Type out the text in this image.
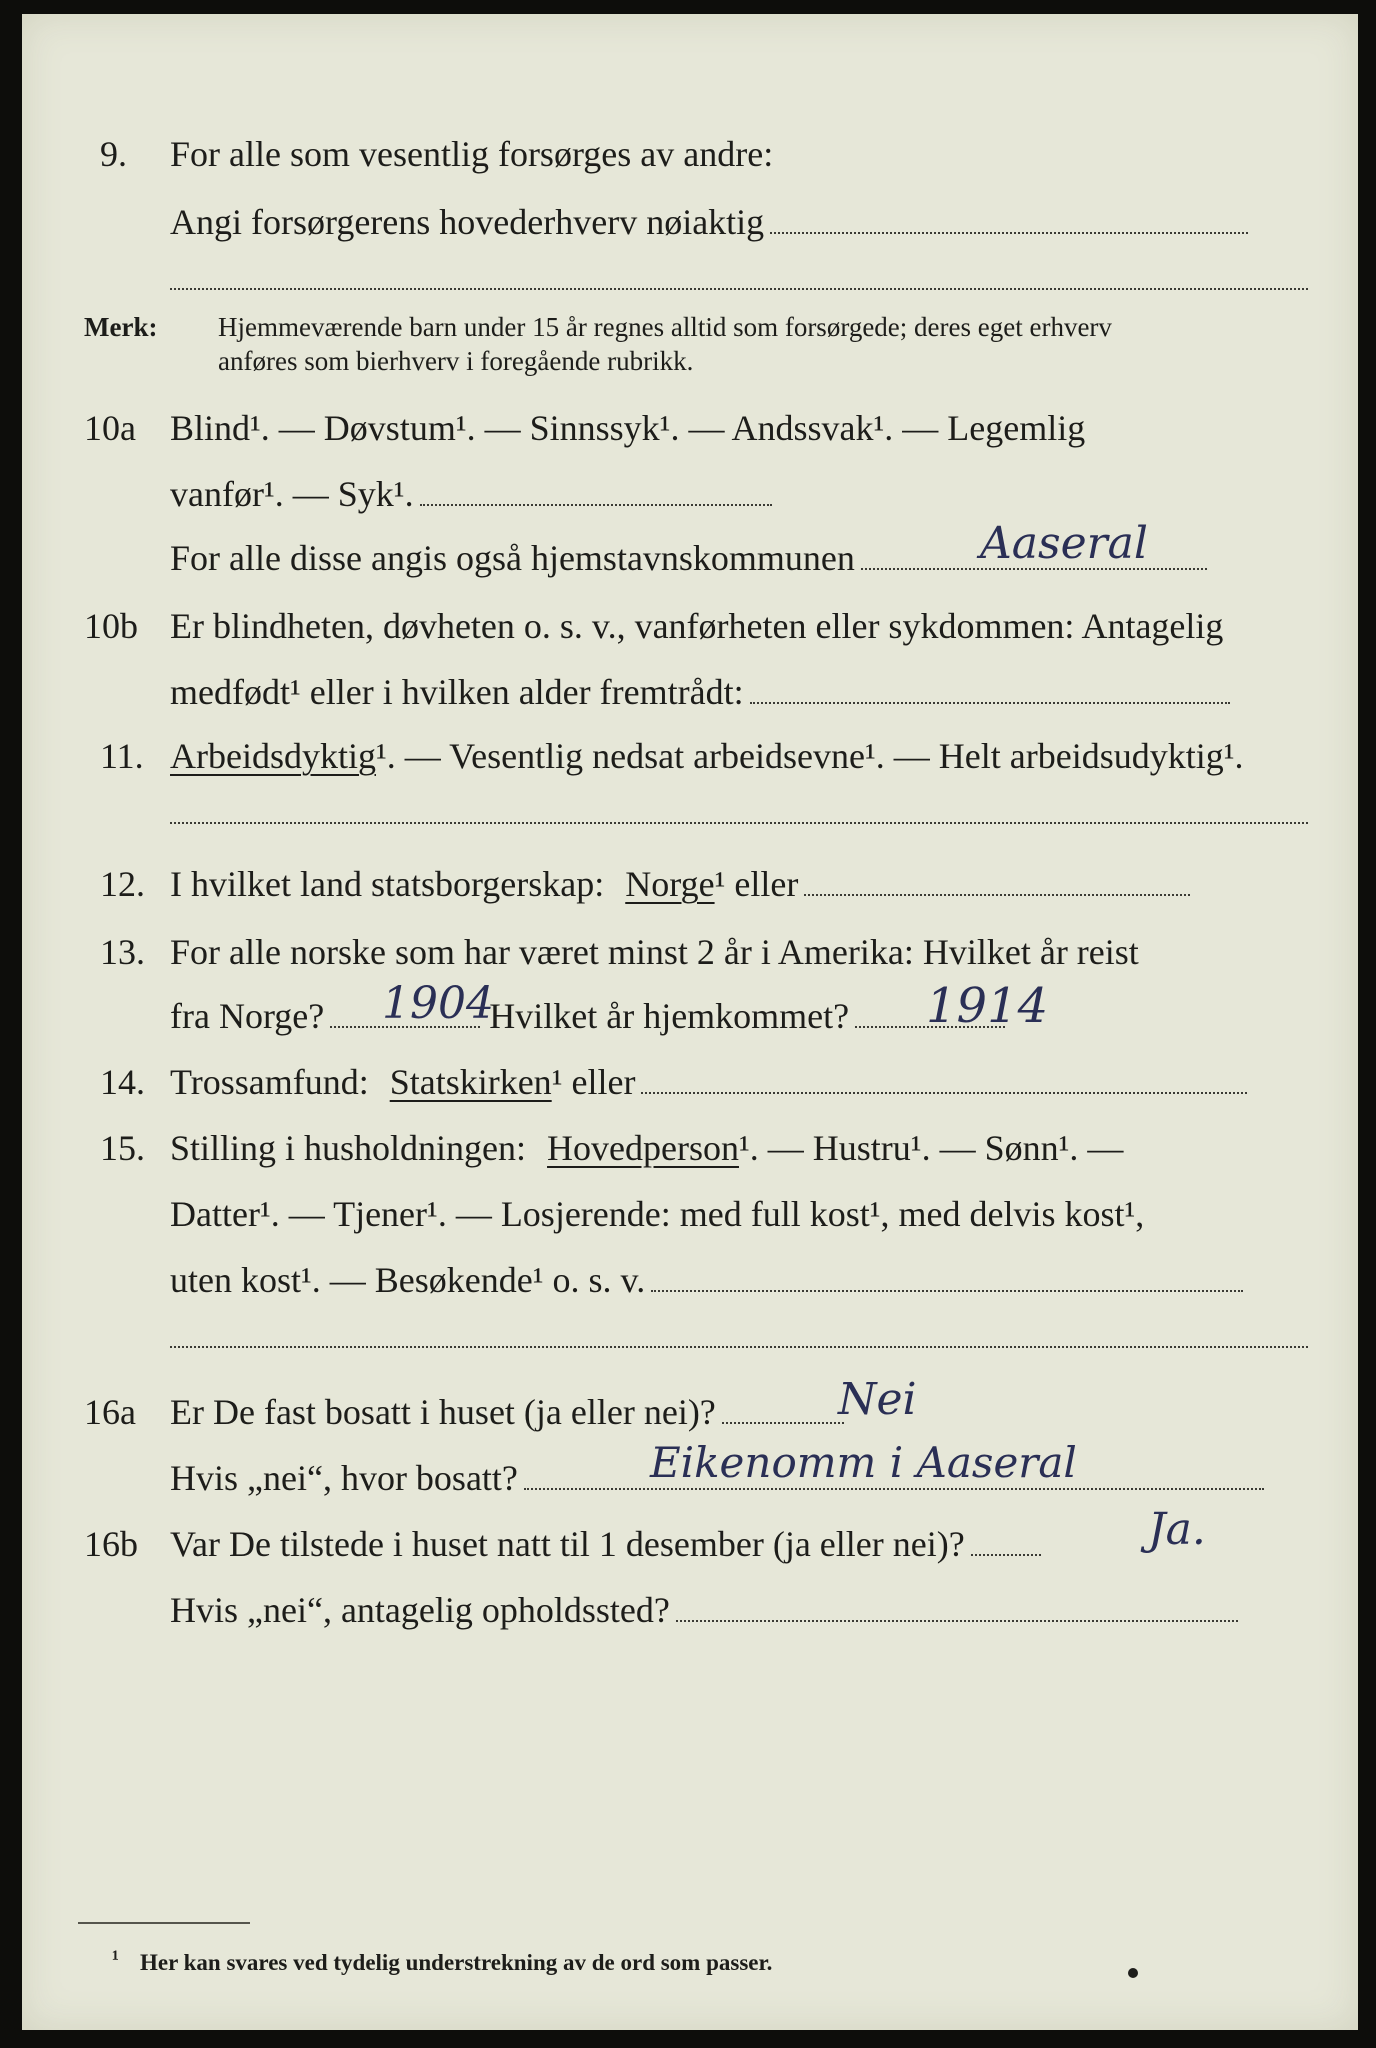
9. For alle som vesentlig forsørges av andre:
Angi forsørgerens hovederhverv nøiaktig
Merk: Hjemmeværende barn under 15 år regnes alltid som forsørgede; deres eget erhverv
anføres som bierhverv i foregående rubrikk.
10a Blind¹. — Døvstum¹. — Sinnssyk¹. — Andssvak¹. — Legemlig
vanfør¹. — Syk¹.
For alle disse angis også hjemstavnskommunen	Aaseral
10b Er blindheten, døvheten o. s. v., vanførheten eller sykdommen: Antagelig
medfødt¹ eller i hvilken alder fremtrådt:
11. Arbeidsdyktig¹. — Vesentlig nedsat arbeidsevne¹. — Helt arbeidsudyktig¹.
12. I hvilket land statsborgerskap: Norge¹ eller
13. For alle norske som har været minst 2 år i Amerika: Hvilket år reist
fra Norge?	Hvilket år hjemkommet?
1904	1914
14. Trossamfund: Statskirken¹ eller
15. Stilling i husholdningen: Hovedperson¹. — Hustru¹. — Sønn¹. —
Datter¹. — Tjener¹. — Losjerende: med full kost¹, med delvis kost¹,
uten kost¹. — Besøkende¹ o. s. v.
16a Er De fast bosatt i huset (ja eller nei)?	Nei
Hvis „nei“, hvor bosatt?	Eikenomm i Aaseral
16b Var De tilstede i huset natt til 1 desember (ja eller nei)?	Ja.
Hvis „nei“, antagelig opholdssted?
¹ Her kan svares ved tydelig understrekning av de ord som passer.
